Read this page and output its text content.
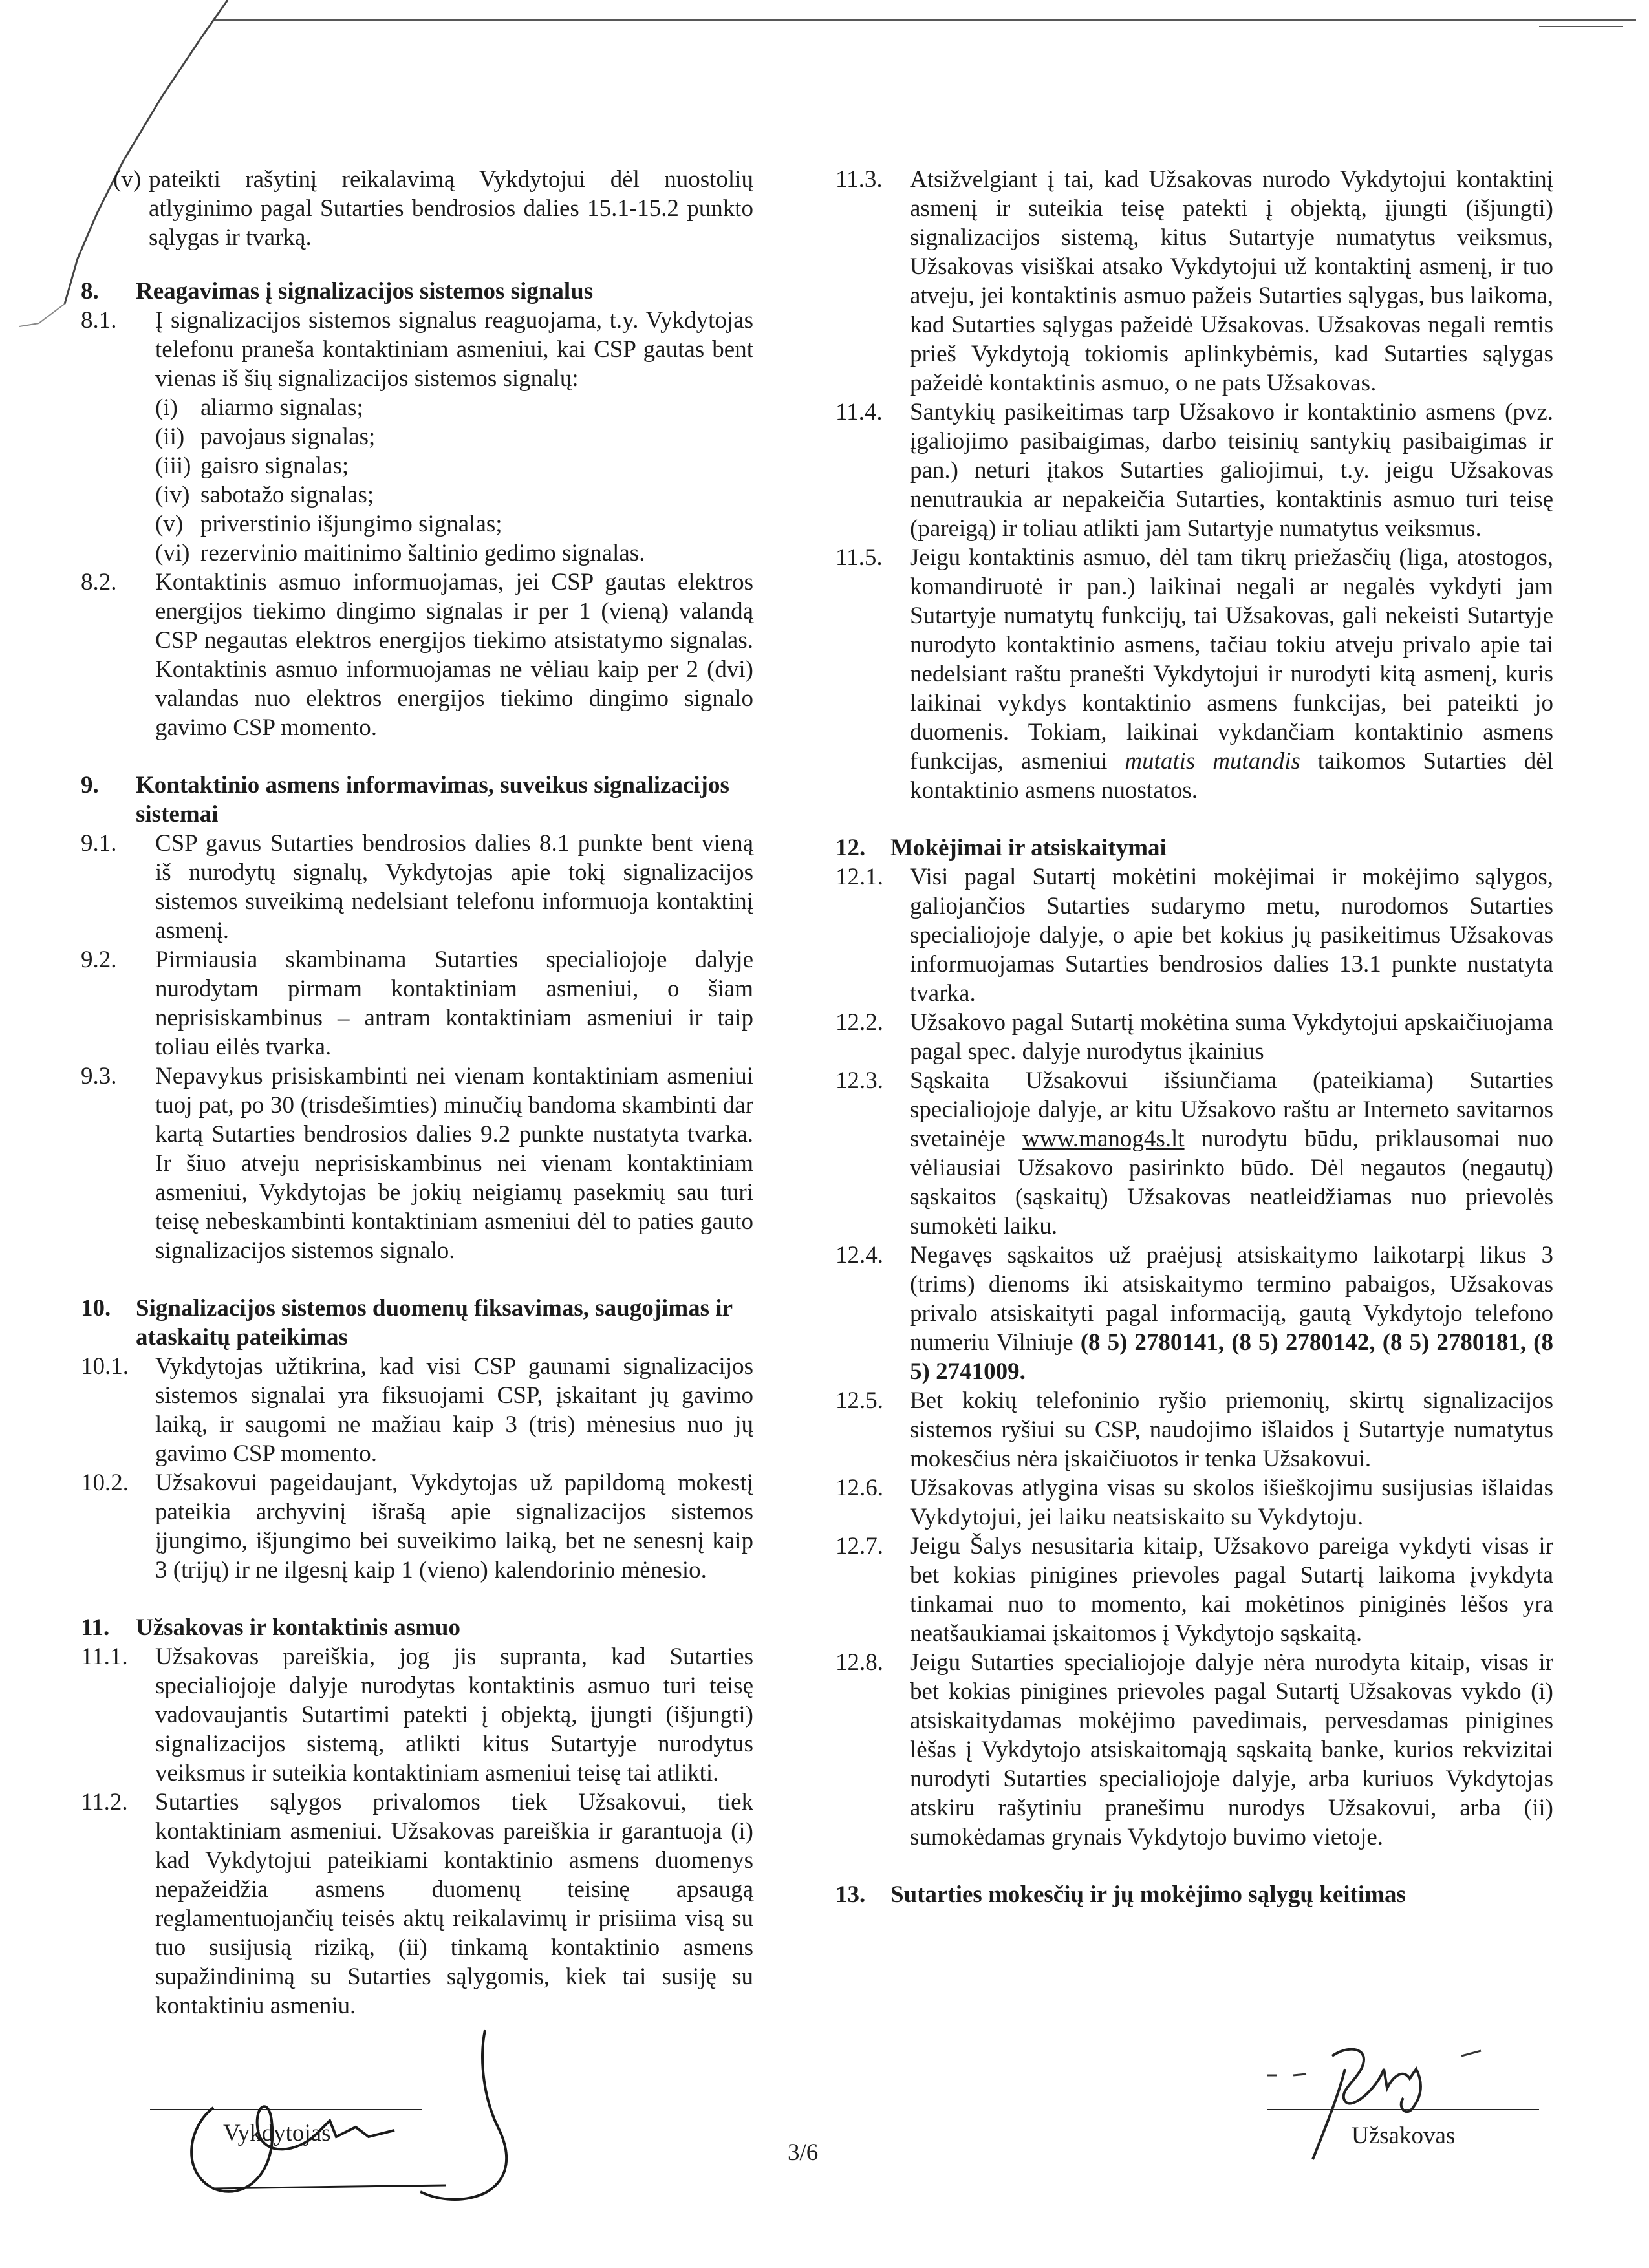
(v) pateikti rašytinį reikalavimą Vykdytojui dėl nuostolių atlyginimo pagal Sutarties bendrosios dalies 15.1-15.2 punkto sąlygas ir tvarką.
8.	Reagavimas į signalizacijos sistemos signalus
8.1.	Į signalizacijos sistemos signalus reaguojama, t.y. Vykdytojas telefonu praneša kontaktiniam asmeniui, kai CSP gautas bent vienas iš šių signalizacijos sistemos signalų:
(i) aliarmo signalas;
(ii) pavojaus signalas;
(iii) gaisro signalas;
(iv) sabotažo signalas;
(v) priverstinio išjungimo signalas;
(vi) rezervinio maitinimo šaltinio gedimo signalas.
8.2.	Kontaktinis asmuo informuojamas, jei CSP gautas elektros energijos tiekimo dingimo signalas ir per 1 (vieną) valandą CSP negautas elektros energijos tiekimo atsistatymo signalas. Kontaktinis asmuo informuojamas ne vėliau kaip per 2 (dvi) valandas nuo elektros energijos tiekimo dingimo signalo gavimo CSP momento.
9.	Kontaktinio asmens informavimas, suveikus signalizacijos sistemai
9.1.	CSP gavus Sutarties bendrosios dalies 8.1 punkte bent vieną iš nurodytų signalų, Vykdytojas apie tokį signalizacijos sistemos suveikimą nedelsiant telefonu informuoja kontaktinį asmenį.
9.2.	Pirmiausia skambinama Sutarties specialiojoje dalyje nurodytam pirmam kontaktiniam asmeniui, o šiam neprisiskambinus – antram kontaktiniam asmeniui ir taip toliau eilės tvarka.
9.3.	Nepavykus prisiskambinti nei vienam kontaktiniam asmeniui tuoj pat, po 30 (trisdešimties) minučių bandoma skambinti dar kartą Sutarties bendrosios dalies 9.2 punkte nustatyta tvarka. Ir šiuo atveju neprisiskambinus nei vienam kontaktiniam asmeniui, Vykdytojas be jokių neigiamų pasekmių sau turi teisę nebeskambinti kontaktiniam asmeniui dėl to paties gauto signalizacijos sistemos signalo.
10.	Signalizacijos sistemos duomenų fiksavimas, saugojimas ir ataskaitų pateikimas
10.1.	Vykdytojas užtikrina, kad visi CSP gaunami signalizacijos sistemos signalai yra fiksuojami CSP, įskaitant jų gavimo laiką, ir saugomi ne mažiau kaip 3 (tris) mėnesius nuo jų gavimo CSP momento.
10.2.	Užsakovui pageidaujant, Vykdytojas už papildomą mokestį pateikia archyvinį išrašą apie signalizacijos sistemos įjungimo, išjungimo bei suveikimo laiką, bet ne senesnį kaip 3 (trijų) ir ne ilgesnį kaip 1 (vieno) kalendorinio mėnesio.
11.	Užsakovas ir kontaktinis asmuo
11.1.	Užsakovas pareiškia, jog jis supranta, kad Sutarties specialiojoje dalyje nurodytas kontaktinis asmuo turi teisę vadovaujantis Sutartimi patekti į objektą, įjungti (išjungti) signalizacijos sistemą, atlikti kitus Sutartyje nurodytus veiksmus ir suteikia kontaktiniam asmeniui teisę tai atlikti.
11.2.	Sutarties sąlygos privalomos tiek Užsakovui, tiek kontaktiniam asmeniui. Užsakovas pareiškia ir garantuoja (i) kad Vykdytojui pateikiami kontaktinio asmens duomenys nepažeidžia asmens duomenų teisinę apsaugą reglamentuojančių teisės aktų reikalavimų ir prisiima visą su tuo susijusią riziką, (ii) tinkamą kontaktinio asmens supažindinimą su Sutarties sąlygomis, kiek tai susiję su kontaktiniu asmeniu.
11.3.	Atsižvelgiant į tai, kad Užsakovas nurodo Vykdytojui kontaktinį asmenį ir suteikia teisę patekti į objektą, įjungti (išjungti) signalizacijos sistemą, kitus Sutartyje numatytus veiksmus, Užsakovas visiškai atsako Vykdytojui už kontaktinį asmenį, ir tuo atveju, jei kontaktinis asmuo pažeis Sutarties sąlygas, bus laikoma, kad Sutarties sąlygas pažeidė Užsakovas. Užsakovas negali remtis prieš Vykdytoją tokiomis aplinkybėmis, kad Sutarties sąlygas pažeidė kontaktinis asmuo, o ne pats Užsakovas.
11.4.	Santykių pasikeitimas tarp Užsakovo ir kontaktinio asmens (pvz. įgaliojimo pasibaigimas, darbo teisinių santykių pasibaigimas ir pan.) neturi įtakos Sutarties galiojimui, t.y. jeigu Užsakovas nenutraukia ar nepakeičia Sutarties, kontaktinis asmuo turi teisę (pareigą) ir toliau atlikti jam Sutartyje numatytus veiksmus.
11.5.	Jeigu kontaktinis asmuo, dėl tam tikrų priežasčių (liga, atostogos, komandiruotė ir pan.) laikinai negali ar negalės vykdyti jam Sutartyje numatytų funkcijų, tai Užsakovas, gali nekeisti Sutartyje nurodyto kontaktinio asmens, tačiau tokiu atveju privalo apie tai nedelsiant raštu pranešti Vykdytojui ir nurodyti kitą asmenį, kuris laikinai vykdys kontaktinio asmens funkcijas, bei pateikti jo duomenis. Tokiam, laikinai vykdančiam kontaktinio asmens funkcijas, asmeniui mutatis mutandis taikomos Sutarties dėl kontaktinio asmens nuostatos.
12.	Mokėjimai ir atsiskaitymai
12.1.	Visi pagal Sutartį mokėtini mokėjimai ir mokėjimo sąlygos, galiojančios Sutarties sudarymo metu, nurodomos Sutarties specialiojoje dalyje, o apie bet kokius jų pasikeitimus Užsakovas informuojamas Sutarties bendrosios dalies 13.1 punkte nustatyta tvarka.
12.2.	Užsakovo pagal Sutartį mokėtina suma Vykdytojui apskaičiuojama pagal spec. dalyje nurodytus įkainius
12.3.	Sąskaita Užsakovui išsiunčiama (pateikiama) Sutarties specialiojoje dalyje, ar kitu Užsakovo raštu ar Interneto savitarnos svetainėje www.manog4s.lt nurodytu būdu, priklausomai nuo vėliausiai Užsakovo pasirinkto būdo. Dėl negautos (negautų) sąskaitos (sąskaitų) Užsakovas neatleidžiamas nuo prievolės sumokėti laiku.
12.4.	Negavęs sąskaitos už praėjusį atsiskaitymo laikotarpį likus 3 (trims) dienoms iki atsiskaitymo termino pabaigos, Užsakovas privalo atsiskaityti pagal informaciją, gautą Vykdytojo telefono numeriu Vilniuje (8 5) 2780141, (8 5) 2780142, (8 5) 2780181, (8 5) 2741009.
12.5.	Bet kokių telefoninio ryšio priemonių, skirtų signalizacijos sistemos ryšiui su CSP, naudojimo išlaidos į Sutartyje numatytus mokesčius nėra įskaičiuotos ir tenka Užsakovui.
12.6.	Užsakovas atlygina visas su skolos išieškojimu susijusias išlaidas Vykdytojui, jei laiku neatsiskaito su Vykdytoju.
12.7.	Jeigu Šalys nesusitaria kitaip, Užsakovo pareiga vykdyti visas ir bet kokias pinigines prievoles pagal Sutartį laikoma įvykdyta tinkamai nuo to momento, kai mokėtinos piniginės lėšos yra neatšaukiamai įskaitomos į Vykdytojo sąskaitą.
12.8.	Jeigu Sutarties specialiojoje dalyje nėra nurodyta kitaip, visas ir bet kokias pinigines prievoles pagal Sutartį Užsakovas vykdo (i) atsiskaitydamas mokėjimo pavedimais, pervesdamas pinigines lėšas į Vykdytojo atsiskaitomąją sąskaitą banke, kurios rekvizitai nurodyti Sutarties specialiojoje dalyje, arba kuriuos Vykdytojas atskiru rašytiniu pranešimu nurodys Užsakovui, arba (ii) sumokėdamas grynais Vykdytojo buvimo vietoje.
13.	Sutarties mokesčių ir jų mokėjimo sąlygų keitimas
Vykdytojas
3/6
Užsakovas
